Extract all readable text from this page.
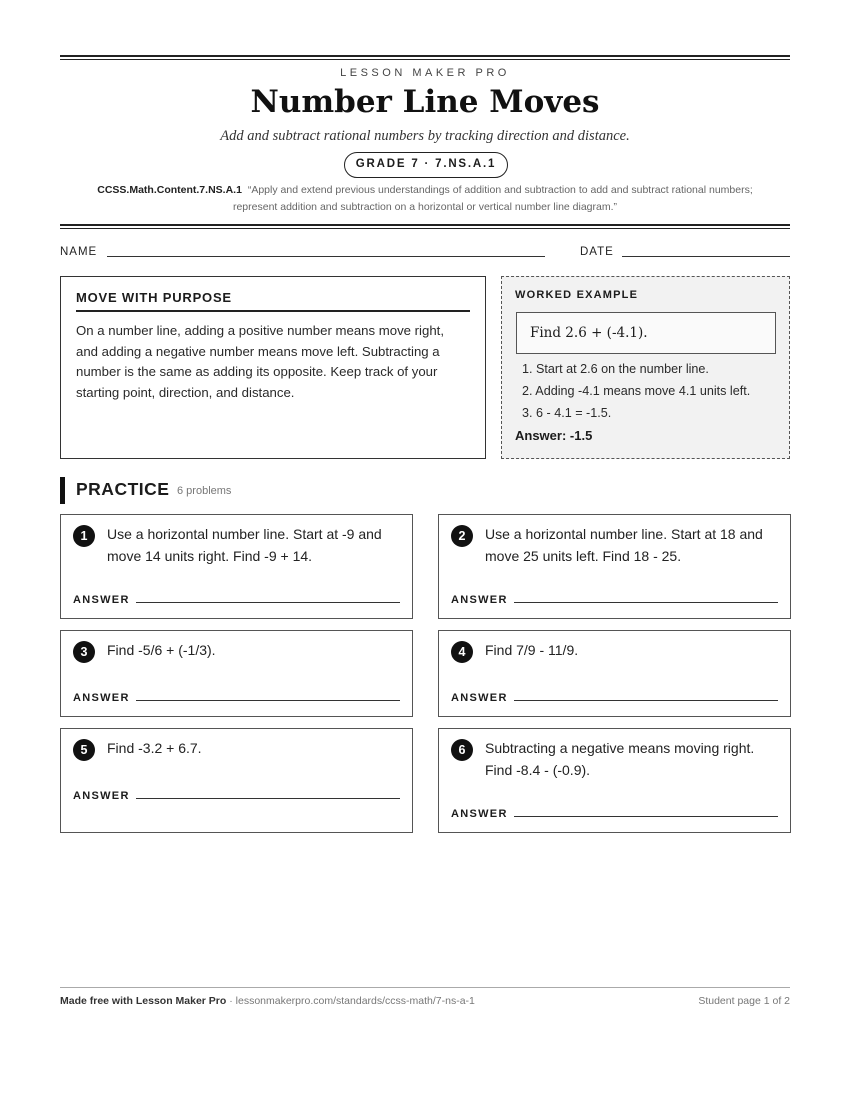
LESSON MAKER PRO
Number Line Moves
Add and subtract rational numbers by tracking direction and distance.
GRADE 7 · 7.NS.A.1
CCSS.Math.Content.7.NS.A.1 “Apply and extend previous understandings of addition and subtraction to add and subtract rational numbers;
represent addition and subtraction on a horizontal or vertical number line diagram.”
NAME	DATE
MOVE WITH PURPOSE
On a number line, adding a positive number means move right, and adding a negative number means move left. Subtracting a number is the same as adding its opposite. Keep track of your starting point, direction, and distance.
WORKED EXAMPLE
Find 2.6 + (-4.1).
1. Start at 2.6 on the number line.
2. Adding -4.1 means move 4.1 units left.
3. 6 - 4.1 = -1.5.
Answer: -1.5
PRACTICE 6 problems
1	Use a horizontal number line. Start at -9 and move 14 units right. Find -9 + 14.
ANSWER
2	Use a horizontal number line. Start at 18 and move 25 units left. Find 18 - 25.
ANSWER
3	Find -5/6 + (-1/3).
ANSWER
4	Find 7/9 - 11/9.
ANSWER
5	Find -3.2 + 6.7.
ANSWER
6	Subtracting a negative means moving right. Find -8.4 - (-0.9).
ANSWER
Made free with Lesson Maker Pro · lessonmakerpro.com/standards/ccss-math/7-ns-a-1	Student page 1 of 2
